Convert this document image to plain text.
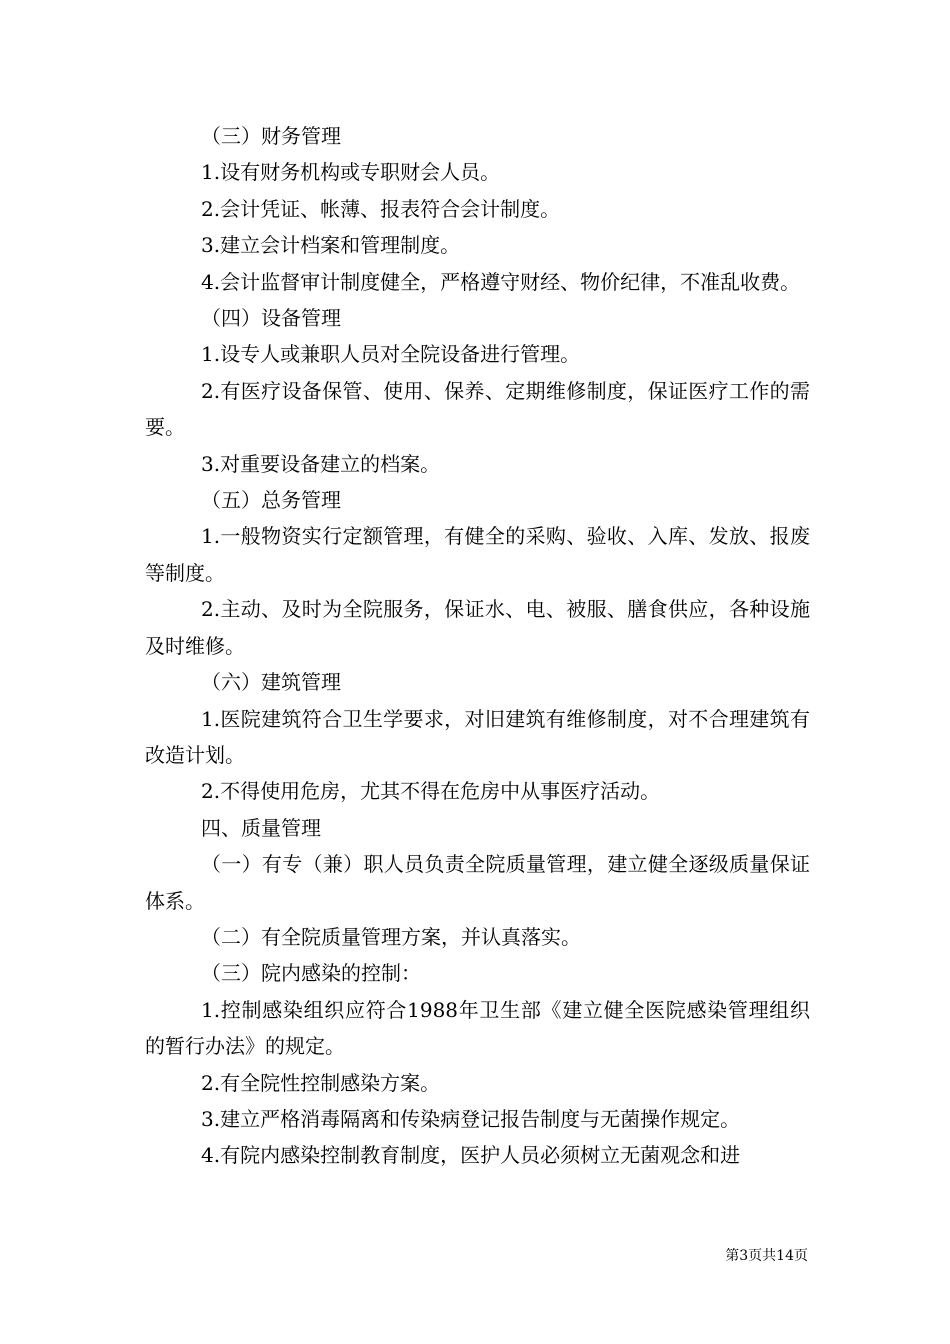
（三）财务管理

1.设有财务机构或专职财会人员。

2.会计凭证、帐薄、报表符合会计制度。

3.建立会计档案和管理制度。

4.会计监督审计制度健全，严格遵守财经、物价纪律，不准乱收费。

（四）设备管理

1.设专人或兼职人员对全院设备进行管理。

2.有医疗设备保管、使用、保养、定期维修制度，保证医疗工作的需要。

3.对重要设备建立的档案。

（五）总务管理

1.一般物资实行定额管理，有健全的采购、验收、入库、发放、报废等制度。

2.主动、及时为全院服务，保证水、电、被服、膳食供应，各种设施及时维修。

（六）建筑管理

1.医院建筑符合卫生学要求，对旧建筑有维修制度，对不合理建筑有改造计划。

2.不得使用危房，尤其不得在危房中从事医疗活动。

四、质量管理

（一）有专（兼）职人员负责全院质量管理，建立健全逐级质量保证体系。

（二）有全院质量管理方案，并认真落实。

（三）院内感染的控制：

1.控制感染组织应符合1988年卫生部《建立健全医院感染管理组织的暂行办法》的规定。

2.有全院性控制感染方案。

3.建立严格消毒隔离和传染病登记报告制度与无菌操作规定。

4.有院内感染控制教育制度，医护人员必须树立无菌观念和进

第3页共14页
